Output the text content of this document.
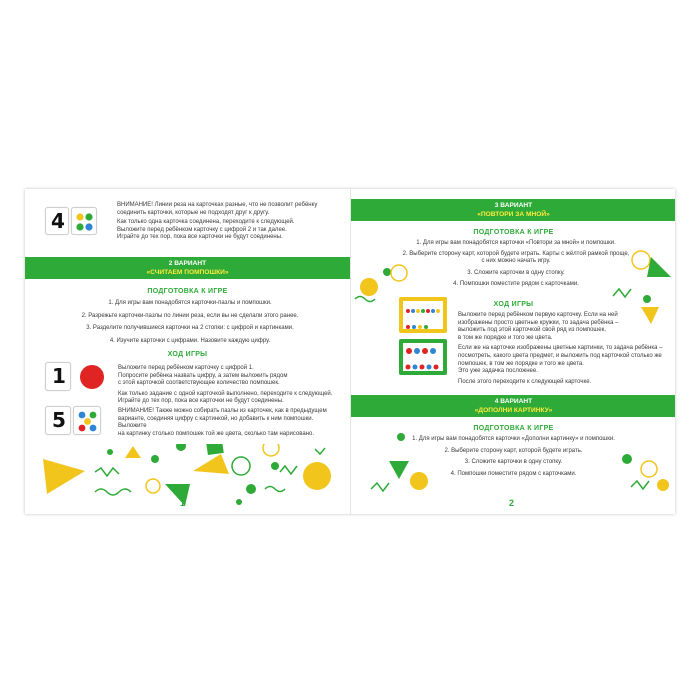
4

ВНИМАНИЕ! Линии реза на карточках разные, что не позволит ребёнку

соединить карточки, которые не подходят друг к другу.

Как только одна карточка соединена, переходите к следующей.

Выложите перед ребёнком карточку с цифрой 2 и так далее.

Играйте до тех пор, пока все карточки не будут соединены.

2 ВАРИАНТ
«СЧИТАЕМ ПОМПОШКИ»
ПОДГОТОВКА К ИГРЕ

1. Для игры вам понадобятся карточки-пазлы и помпошки.

2. Разрежьте карточки-пазлы по линии реза, если вы не сделали этого ранее.

3. Разделите получившиеся карточки на 2 стопки: с цифрой и картинками.

4. Изучите карточки с цифрами. Назовите каждую цифру.

ХОД ИГРЫ
1
5

Выложите перед ребёнком карточку с цифрой 1.

Попросите ребёнка назвать цифру, а затем выложить рядом

с этой карточкой соответствующее количество помпошек.

Как только задание с одной карточкой выполнено, переходите к следующей.

Играйте до тех пор, пока все карточки не будут соединены.

ВНИМАНИЕ! Также можно собирать пазлы из карточек, как в предыдущем

варианте, соединяя цифру с картинкой, но добавить к ним помпошки. Выложите

на картинку столько помпошек той же цвета, сколько там нарисовано.

1
3 ВАРИАНТ
«ПОВТОРИ ЗА МНОЙ»
ПОДГОТОВКА К ИГРЕ

1. Для игры вам понадобятся карточки «Повтори за мной» и помпошки.

2. Выберите сторону карт, которой будете играть. Карты с жёлтой рамкой проще,

с них можно начать игру.

3. Сложите карточки в одну стопку.

4. Помпошки поместите рядом с карточками.

ХОД ИГРЫ

Выложите перед ребёнком первую карточку. Если на ней

изображены просто цветные кружки, то задача ребёнка –

выложить под этой карточкой свой ряд из помпошек,

в том же порядке и того же цвета.

Если же на карточке изображены цветные картинки, то задача ребёнка –

посмотреть, какого цвета предмет, и выложить под карточкой столько же

помпошек, в том же порядке и того же цвета.

Это уже задачка посложнее.

После этого переходите к следующей карточке.

4 ВАРИАНТ
«ДОПОЛНИ КАРТИНКУ»
ПОДГОТОВКА К ИГРЕ

1. Для игры вам понадобятся карточки «Дополни картинку» и помпошки.

2. Выберите сторону карт, которой будете играть.

3. Сложите карточки в одну стопку.

4. Помпошки поместите рядом с карточками.

2
